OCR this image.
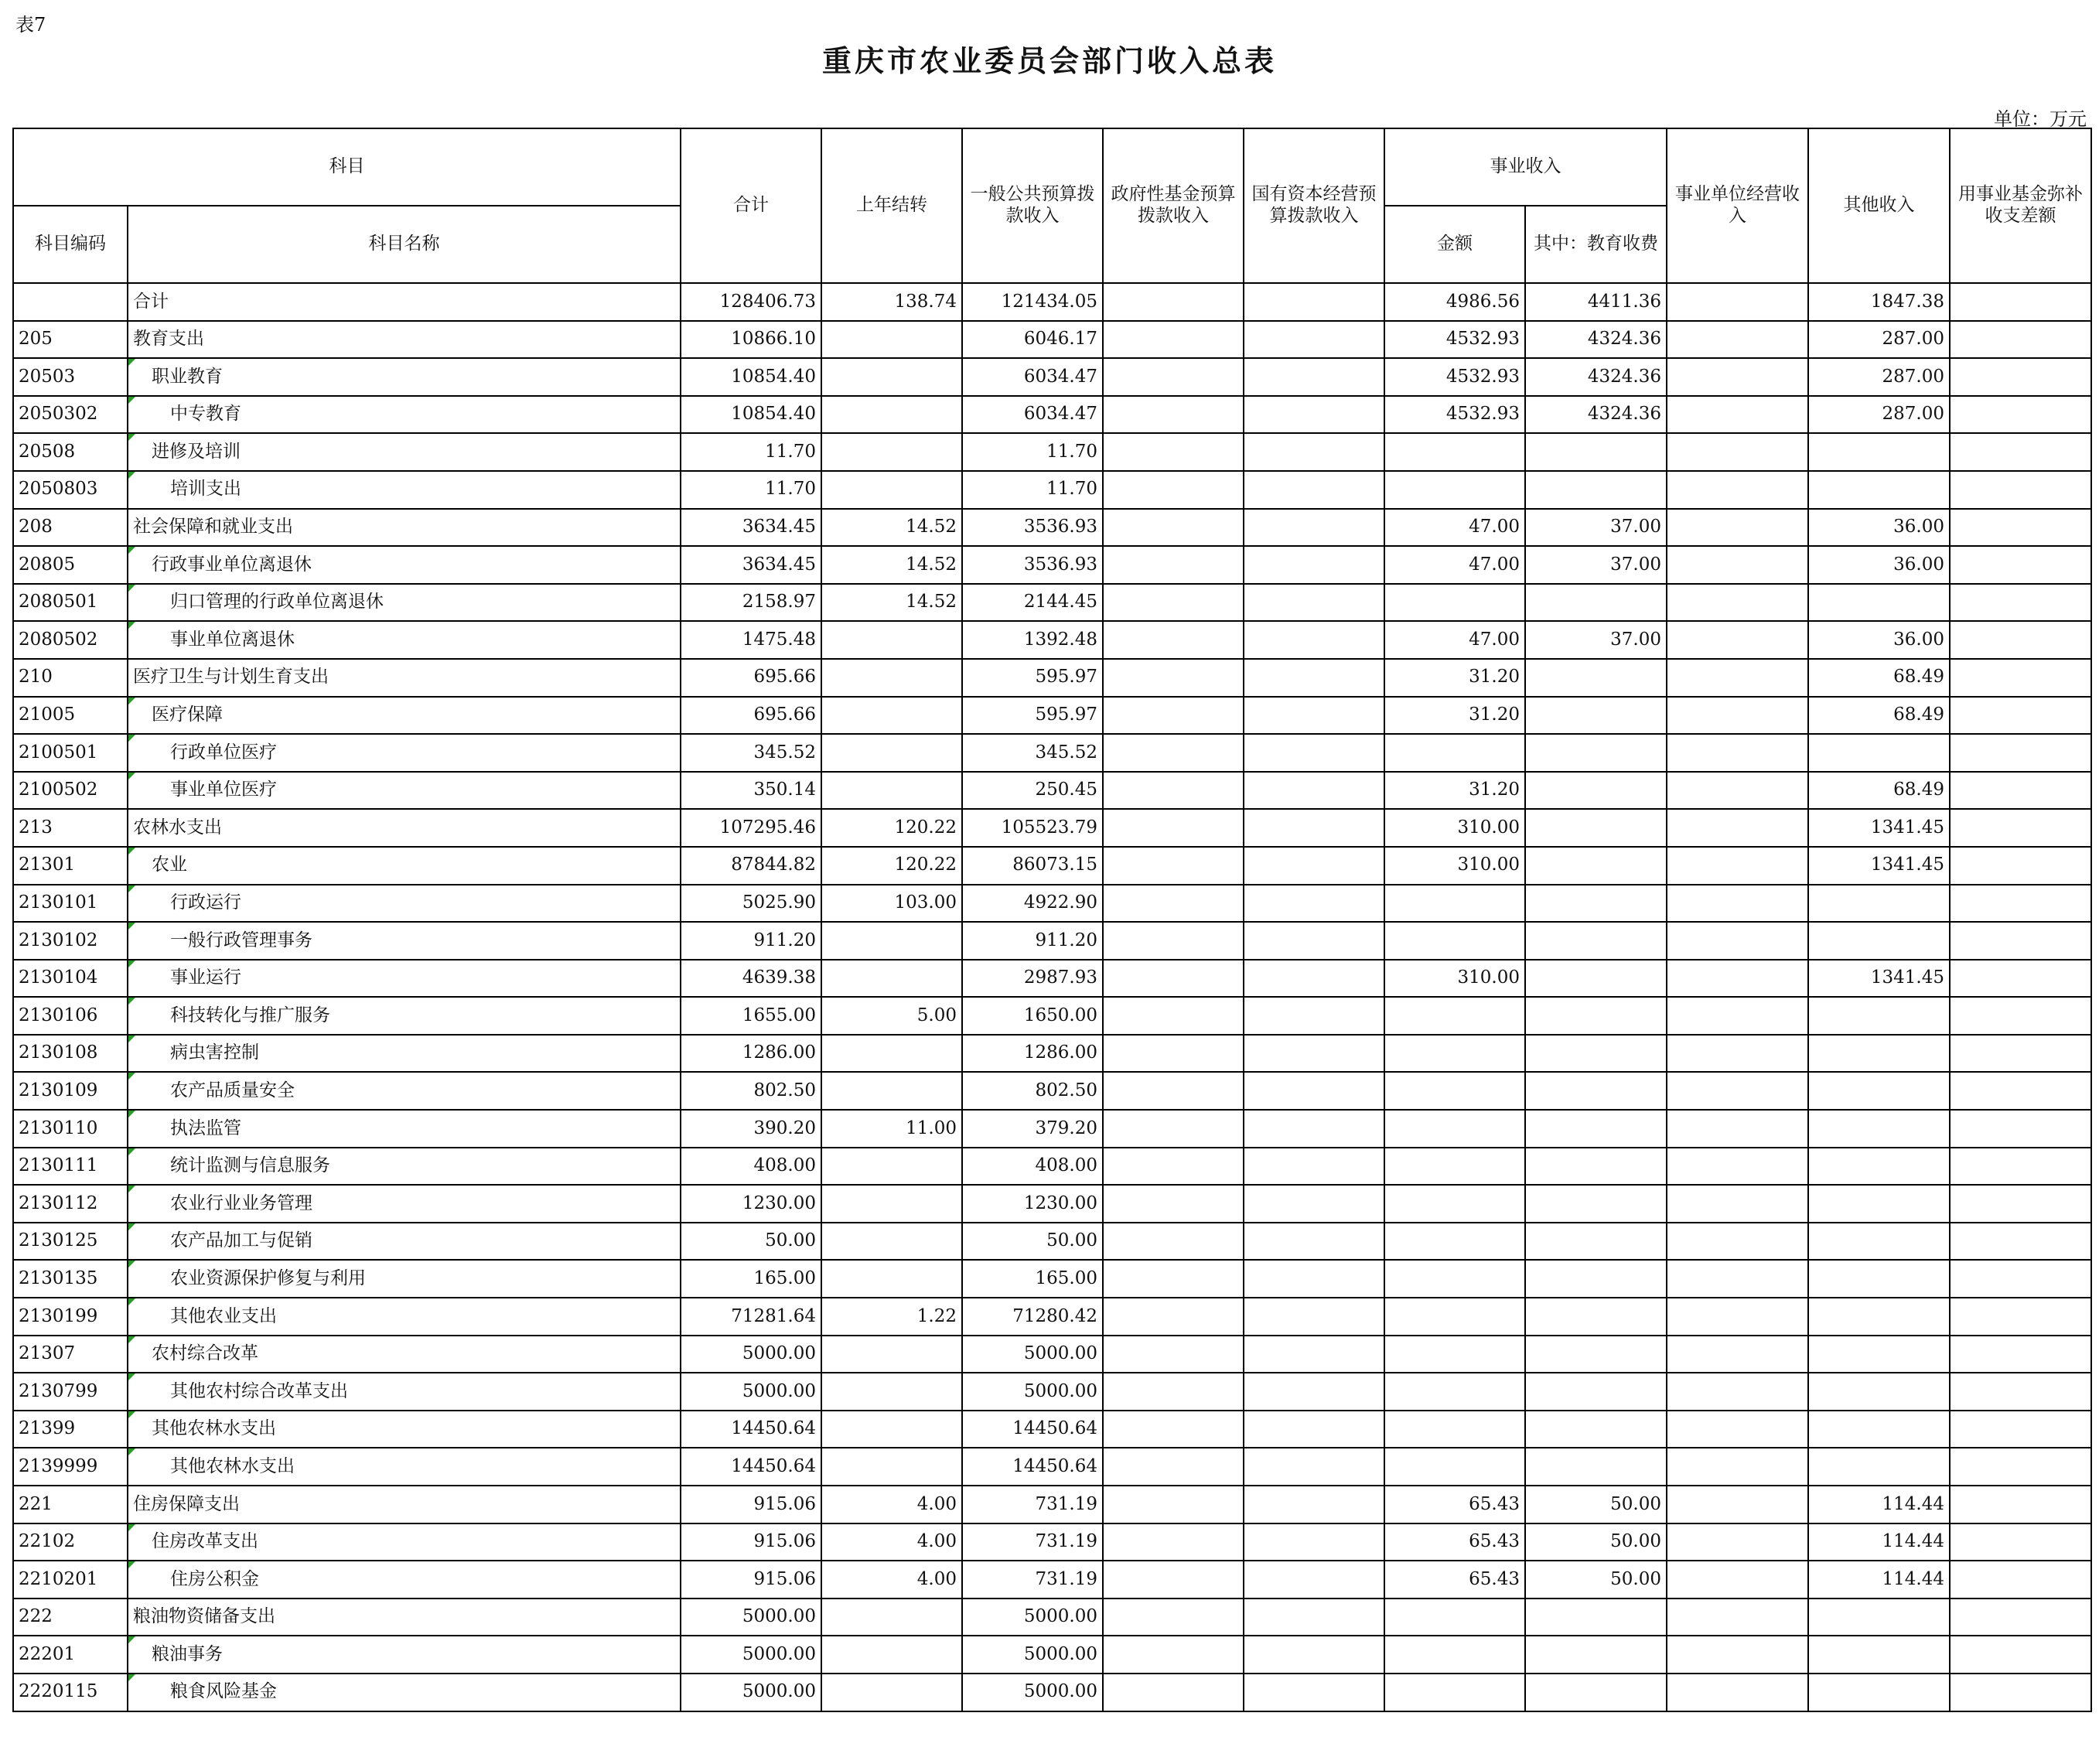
表7
重庆市农业委员会部门收入总表
单位：万元
科目		合计	上年结转	一般公共预算拨款收入	政府性基金预算拨款收入	国有资本经营预算拨款收入	事业收入		事业单位经营收入	其他收入	用事业基金弥补收支差额
科目编码	科目名称						金额	其中：教育收费			
	合计	128406.73	138.74	121434.05			4986.56	4411.36		1847.38	
205	教育支出	10866.10		6046.17			4532.93	4324.36		287.00	
20503	职业教育	10854.40		6034.47			4532.93	4324.36		287.00	
2050302	中专教育	10854.40		6034.47			4532.93	4324.36		287.00	
20508	进修及培训	11.70		11.70							
2050803	培训支出	11.70		11.70							
208	社会保障和就业支出	3634.45	14.52	3536.93			47.00	37.00		36.00	
20805	行政事业单位离退休	3634.45	14.52	3536.93			47.00	37.00		36.00	
2080501	归口管理的行政单位离退休	2158.97	14.52	2144.45							
2080502	事业单位离退休	1475.48		1392.48			47.00	37.00		36.00	
210	医疗卫生与计划生育支出	695.66		595.97			31.20			68.49	
21005	医疗保障	695.66		595.97			31.20			68.49	
2100501	行政单位医疗	345.52		345.52							
2100502	事业单位医疗	350.14		250.45			31.20			68.49	
213	农林水支出	107295.46	120.22	105523.79			310.00			1341.45	
21301	农业	87844.82	120.22	86073.15			310.00			1341.45	
2130101	行政运行	5025.90	103.00	4922.90							
2130102	一般行政管理事务	911.20		911.20							
2130104	事业运行	4639.38		2987.93			310.00			1341.45	
2130106	科技转化与推广服务	1655.00	5.00	1650.00							
2130108	病虫害控制	1286.00		1286.00							
2130109	农产品质量安全	802.50		802.50							
2130110	执法监管	390.20	11.00	379.20							
2130111	统计监测与信息服务	408.00		408.00							
2130112	农业行业业务管理	1230.00		1230.00							
2130125	农产品加工与促销	50.00		50.00							
2130135	农业资源保护修复与利用	165.00		165.00							
2130199	其他农业支出	71281.64	1.22	71280.42							
21307	农村综合改革	5000.00		5000.00							
2130799	其他农村综合改革支出	5000.00		5000.00							
21399	其他农林水支出	14450.64		14450.64							
2139999	其他农林水支出	14450.64		14450.64							
221	住房保障支出	915.06	4.00	731.19			65.43	50.00		114.44	
22102	住房改革支出	915.06	4.00	731.19			65.43	50.00		114.44	
2210201	住房公积金	915.06	4.00	731.19			65.43	50.00		114.44	
222	粮油物资储备支出	5000.00		5000.00							
22201	粮油事务	5000.00		5000.00							
2220115	粮食风险基金	5000.00		5000.00							
